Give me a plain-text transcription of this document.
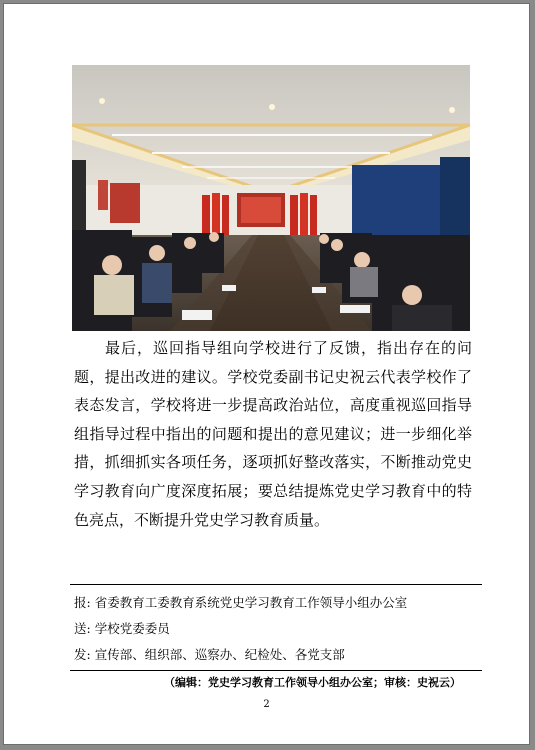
最后，巡回指导组向学校进行了反馈，指出存在的问题，提出改进的建议。学校党委副书记史祝云代表学校作了表态发言，学校将进一步提高政治站位，高度重视巡回指导组指导过程中指出的问题和提出的意见建议；进一步细化举措，抓细抓实各项任务，逐项抓好整改落实，不断推动党史学习教育向广度深度拓展；要总结提炼党史学习教育中的特色亮点，不断提升党史学习教育质量。

报: 省委教育工委教育系统党史学习教育工作领导小组办公室
送: 学校党委委员
发: 宣传部、组织部、巡察办、纪检处、各党支部
（编辑：党史学习教育工作领导小组办公室；审核：史祝云）
2
